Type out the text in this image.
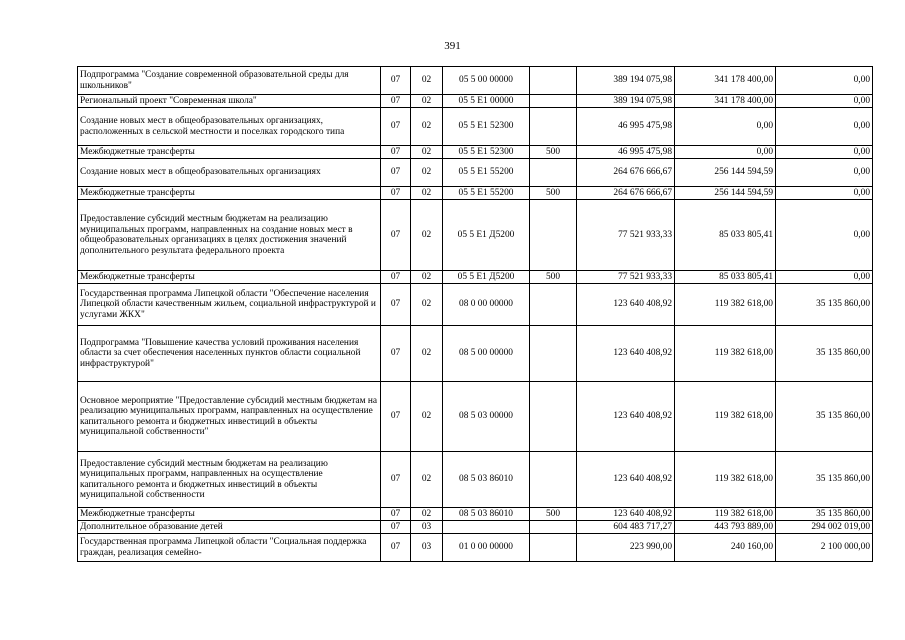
391
Подпрограмма "Создание современной образовательной среды для школьников"	07	02	05 5 00 00000		389 194 075,98	341 178 400,00	0,00
Региональный проект "Современная школа"	07	02	05 5 E1 00000		389 194 075,98	341 178 400,00	0,00
Создание новых мест в общеобразовательных организациях, расположенных в сельской местности и поселках городского типа	07	02	05 5 E1 52300		46 995 475,98	0,00	0,00
Межбюджетные трансферты	07	02	05 5 E1 52300	500	46 995 475,98	0,00	0,00
Создание новых мест в общеобразовательных организациях	07	02	05 5 E1 55200		264 676 666,67	256 144 594,59	0,00
Межбюджетные трансферты	07	02	05 5 E1 55200	500	264 676 666,67	256 144 594,59	0,00
Предоставление субсидий местным бюджетам на реализацию муниципальных программ, направленных на создание новых мест в общеобразовательных организациях в целях достижения значений дополнительного результата федерального проекта	07	02	05 5 E1 Д5200		77 521 933,33	85 033 805,41	0,00
Межбюджетные трансферты	07	02	05 5 E1 Д5200	500	77 521 933,33	85 033 805,41	0,00
Государственная программа Липецкой области "Обеспечение населения Липецкой области качественным жильем, социальной инфраструктурой и услугами ЖКХ"	07	02	08 0 00 00000		123 640 408,92	119 382 618,00	35 135 860,00
Подпрограмма "Повышение качества условий проживания населения области за счет обеспечения населенных пунктов области социальной инфраструктурой"	07	02	08 5 00 00000		123 640 408,92	119 382 618,00	35 135 860,00
Основное мероприятие "Предоставление субсидий местным бюджетам на реализацию муниципальных программ, направленных на осуществление капитального ремонта и бюджетных инвестиций в объекты муниципальной собственности"	07	02	08 5 03 00000		123 640 408,92	119 382 618,00	35 135 860,00
Предоставление субсидий местным бюджетам на реализацию муниципальных программ, направленных на осуществление капитального ремонта и бюджетных инвестиций в объекты муниципальной собственности	07	02	08 5 03 86010		123 640 408,92	119 382 618,00	35 135 860,00
Межбюджетные трансферты	07	02	08 5 03 86010	500	123 640 408,92	119 382 618,00	35 135 860,00
Дополнительное образование детей	07	03			604 483 717,27	443 793 889,00	294 002 019,00
Государственная программа Липецкой области "Социальная поддержка граждан, реализация семейно-	07	03	01 0 00 00000		223 990,00	240 160,00	2 100 000,00
